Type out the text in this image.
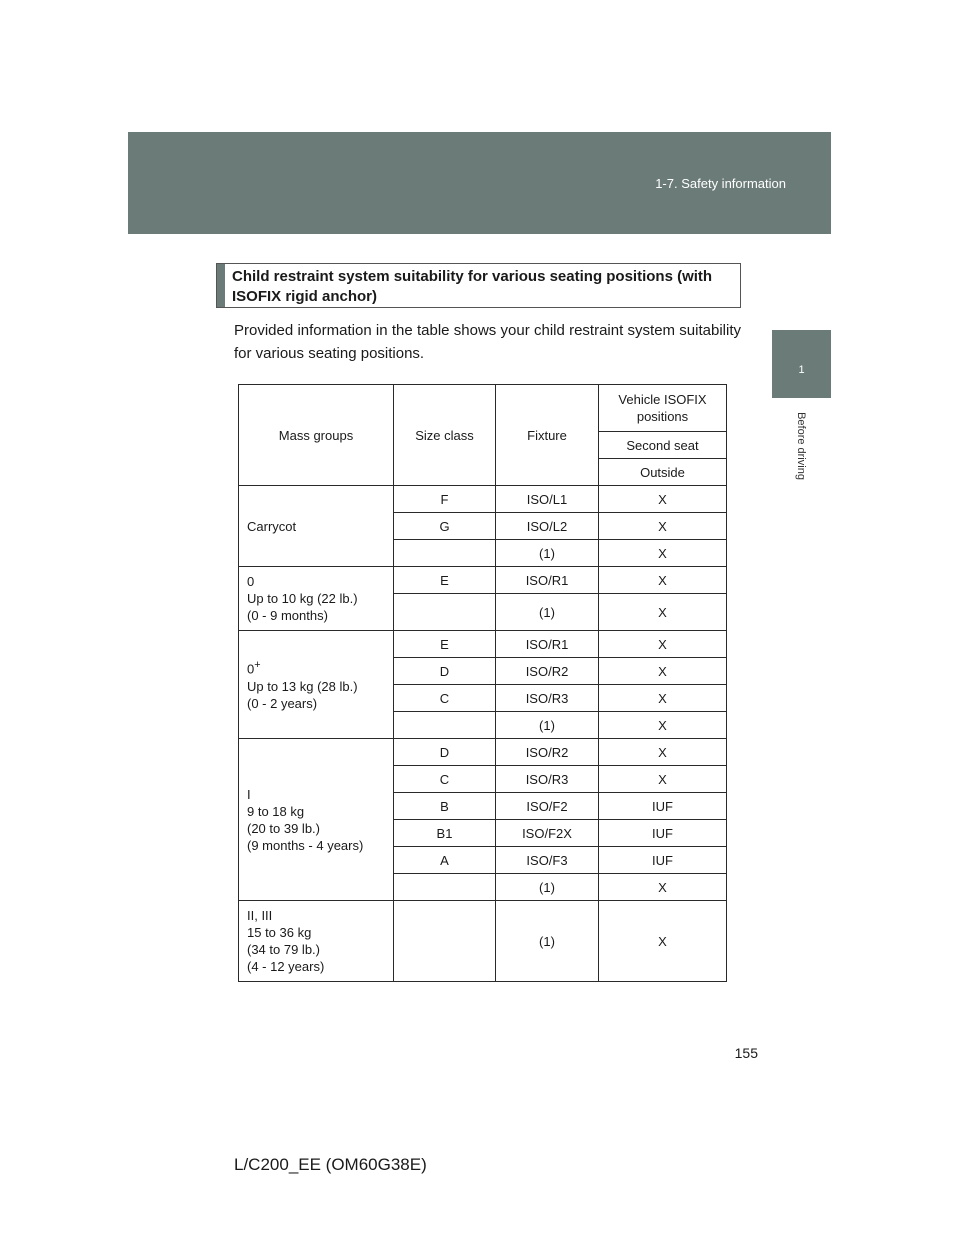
1-7. Safety information
1
Before driving
Child restraint system suitability for various seating positions (with ISOFIX rigid anchor)
Provided information in the table shows your child restraint system suitability for various seating positions.
Mass groups	Size class	Fixture	Vehicle ISOFIX positions
			Second seat
			Outside

Carrycot	F	ISO/L1	X
	G	ISO/L2	X
		(1)	X

0
Up to 10 kg (22 lb.)
(0 - 9 months)	E	ISO/R1	X
		(1)	X

0+
Up to 13 kg (28 lb.)
(0 - 2 years)	E	ISO/R1	X
	D	ISO/R2	X
	C	ISO/R3	X
		(1)	X

I
9 to 18 kg
(20 to 39 lb.)
(9 months - 4 years)	D	ISO/R2	X
	C	ISO/R3	X
	B	ISO/F2	IUF
	B1	ISO/F2X	IUF
	A	ISO/F3	IUF
		(1)	X

II, III
15 to 36 kg
(34 to 79 lb.)
(4 - 12 years)		(1)	X
155
L/C200_EE (OM60G38E)
